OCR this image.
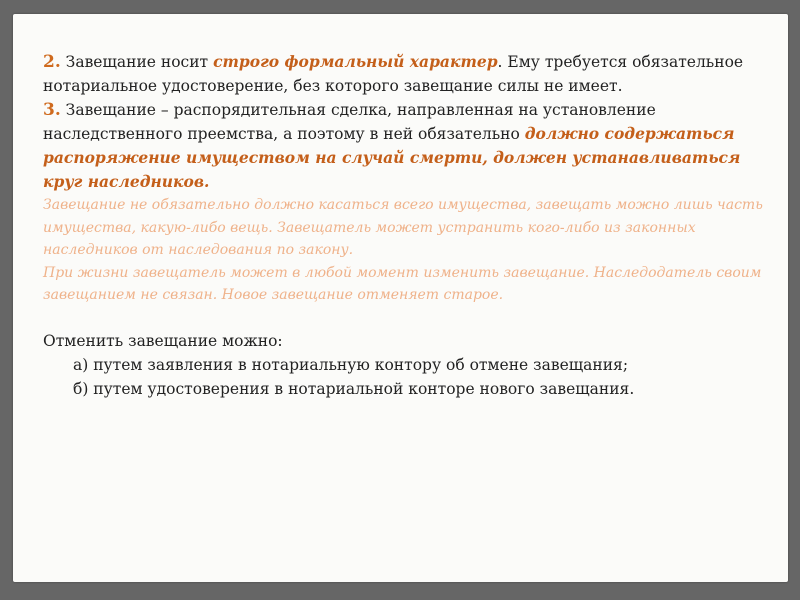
2. Завещание носит строго формальный характер. Ему требуется обязательное нотариальное удостоверение, без которого завещание силы не имеет.

3. Завещание – распорядительная сделка, направленная на установление наследственного преемства, а поэтому в ней обязательно должно содержаться распоряжение имуществом на случай смерти, должен устанавливаться круг наследников.

Завещание не обязательно должно касаться всего имущества, завещать можно лишь часть имущества, какую-либо вещь. Завещатель может устранить кого-либо из законных наследников от наследования по закону.

При жизни завещатель может в любой момент изменить завещание. Наследодатель своим завещанием не связан. Новое завещание отменяет старое.

Отменить завещание можно:

а) путем заявления в нотариальную контору об отмене завещания;

б) путем удостоверения в нотариальной конторе нового завещания.
